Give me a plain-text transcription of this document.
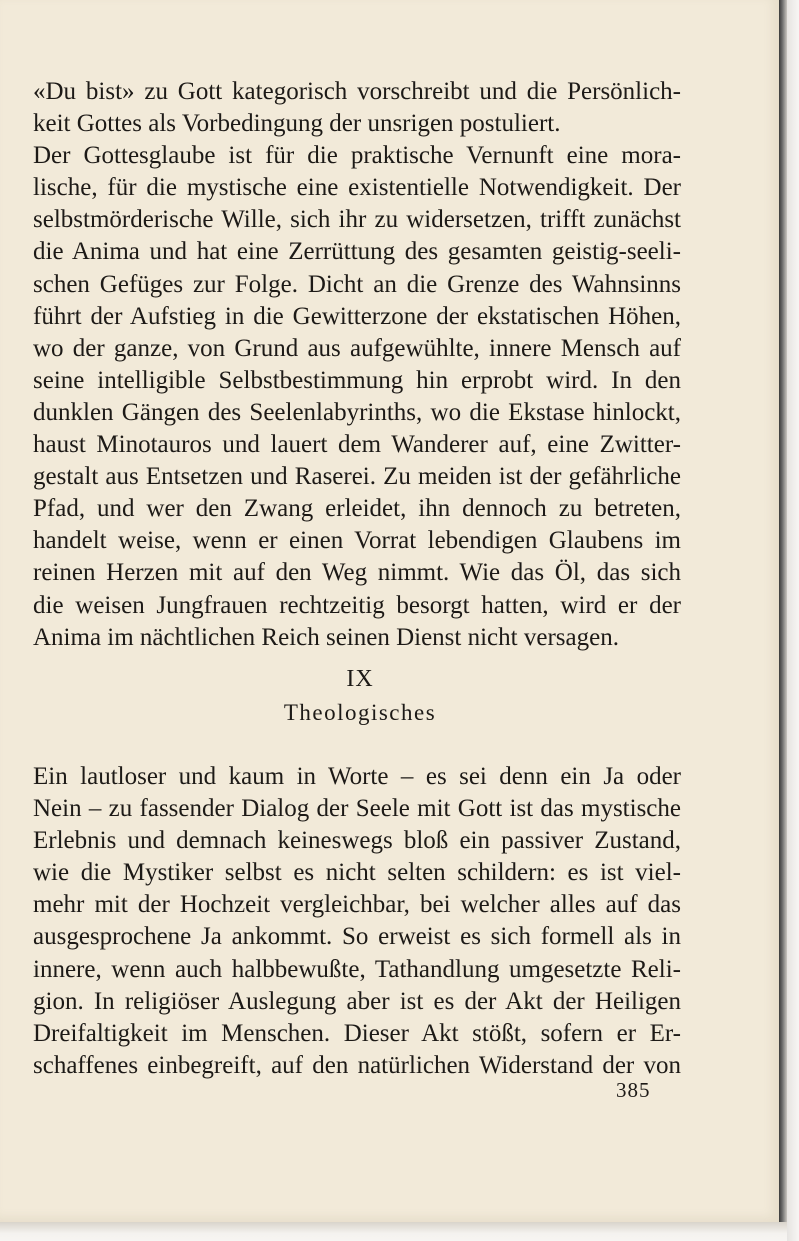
«Du bist» zu Gott kategorisch vorschreibt und die Persönlich-
keit Gottes als Vorbedingung der unsrigen postuliert.
Der Gottesglaube ist für die praktische Vernunft eine mora-
lische, für die mystische eine existentielle Notwendigkeit. Der
selbstmörderische Wille, sich ihr zu widersetzen, trifft zunächst
die Anima und hat eine Zerrüttung des gesamten geistig-seeli-
schen Gefüges zur Folge. Dicht an die Grenze des Wahnsinns
führt der Aufstieg in die Gewitterzone der ekstatischen Höhen,
wo der ganze, von Grund aus aufgewühlte, innere Mensch auf
seine intelligible Selbstbestimmung hin erprobt wird. In den
dunklen Gängen des Seelenlabyrinths, wo die Ekstase hinlockt,
haust Minotauros und lauert dem Wanderer auf, eine Zwitter-
gestalt aus Entsetzen und Raserei. Zu meiden ist der gefährliche
Pfad, und wer den Zwang erleidet, ihn dennoch zu betreten,
handelt weise, wenn er einen Vorrat lebendigen Glaubens im
reinen Herzen mit auf den Weg nimmt. Wie das Öl, das sich
die weisen Jungfrauen rechtzeitig besorgt hatten, wird er der
Anima im nächtlichen Reich seinen Dienst nicht versagen.
IX
Theologisches
Ein lautloser und kaum in Worte – es sei denn ein Ja oder
Nein – zu fassender Dialog der Seele mit Gott ist das mystische
Erlebnis und demnach keineswegs bloß ein passiver Zustand,
wie die Mystiker selbst es nicht selten schildern: es ist viel-
mehr mit der Hochzeit vergleichbar, bei welcher alles auf das
ausgesprochene Ja ankommt. So erweist es sich formell als in
innere, wenn auch halbbewußte, Tathandlung umgesetzte Reli-
gion. In religiöser Auslegung aber ist es der Akt der Heiligen
Dreifaltigkeit im Menschen. Dieser Akt stößt, sofern er Er-
schaffenes einbegreift, auf den natürlichen Widerstand der von
385
